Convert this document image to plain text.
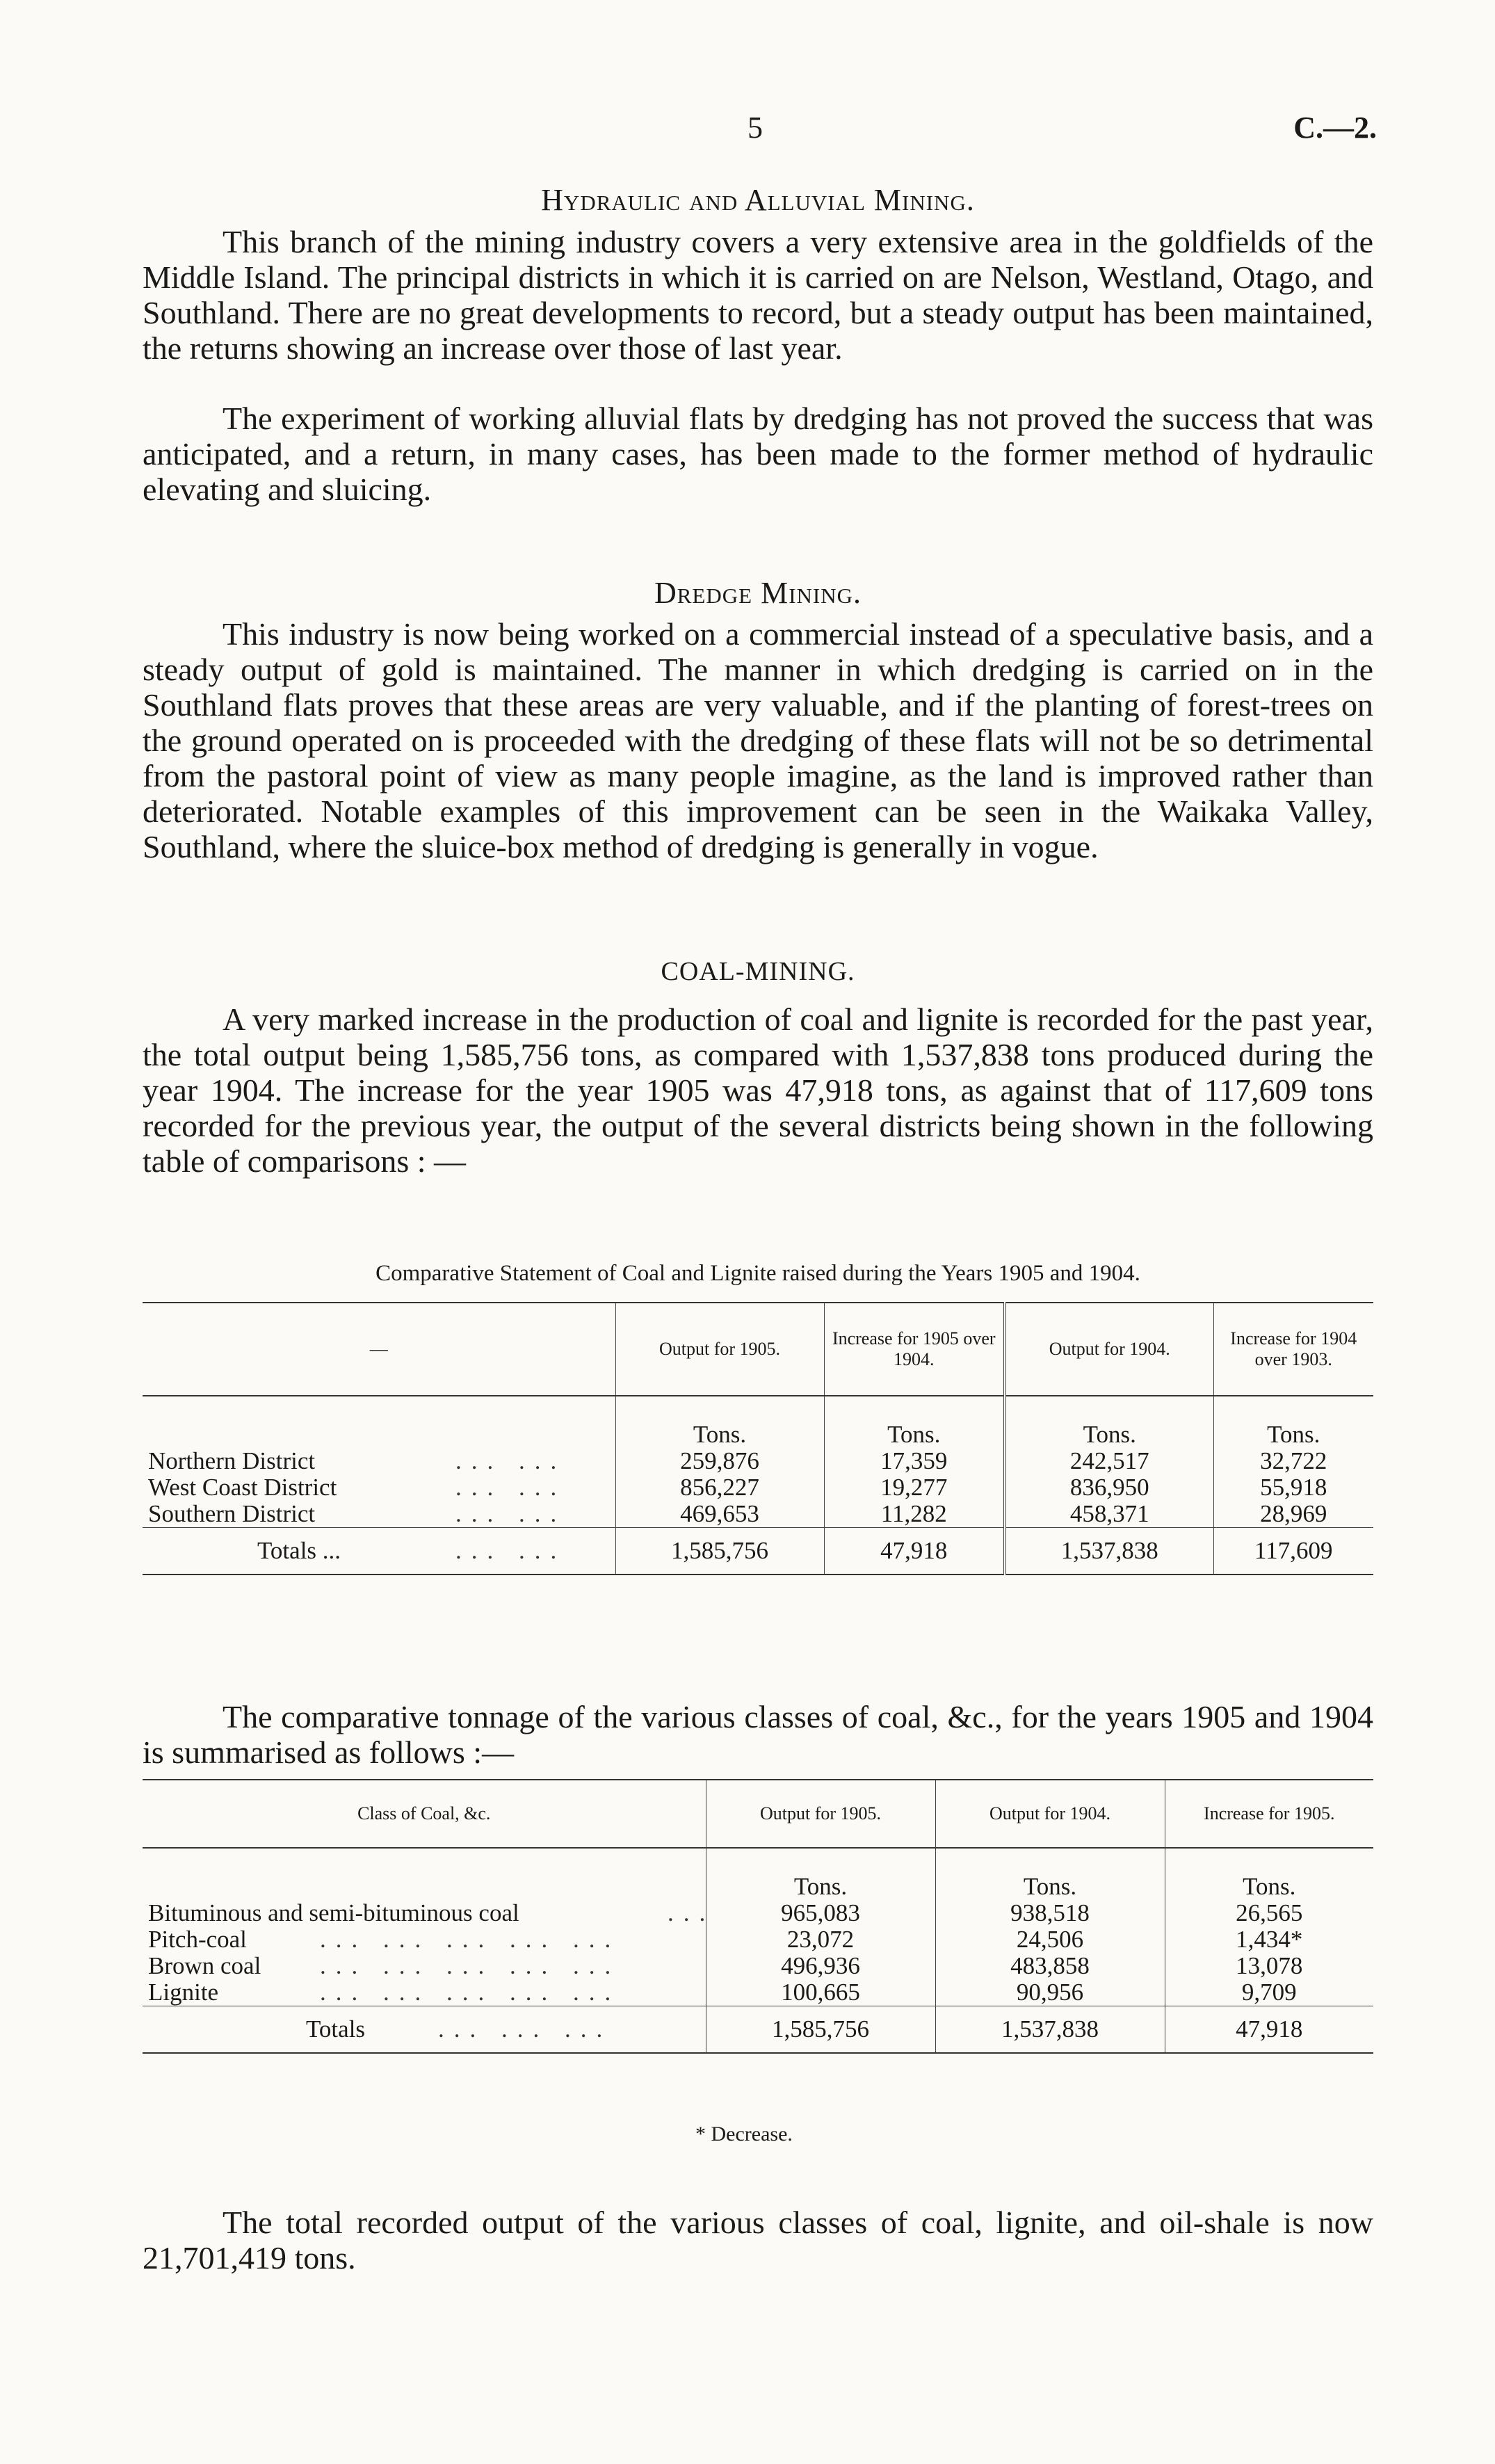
5	C.—2.
Hydraulic and Alluvial Mining.

This branch of the mining industry covers a very extensive area in the goldfields of the Middle Island. The principal districts in which it is carried on are Nelson, Westland, Otago, and Southland. There are no great developments to record, but a steady output has been maintained, the returns showing an increase over those of last year.

The experiment of working alluvial flats by dredging has not proved the success that was anticipated, and a return, in many cases, has been made to the former method of hydraulic elevating and sluicing.

Dredge Mining.

This industry is now being worked on a commercial instead of a speculative basis, and a steady output of gold is maintained. The manner in which dredging is carried on in the Southland flats proves that these areas are very valuable, and if the planting of forest-trees on the ground operated on is proceeded with the dredging of these flats will not be so detrimental from the pastoral point of view as many people imagine, as the land is improved rather than deteriorated. Notable examples of this improvement can be seen in the Waikaka Valley, Southland, where the sluice-box method of dredging is generally in vogue.

COAL-MINING.

A very marked increase in the production of coal and lignite is recorded for the past year, the total output being 1,585,756 tons, as compared with 1,537,838 tons produced during the year 1904. The increase for the year 1905 was 47,918 tons, as against that of 117,609 tons recorded for the previous year, the output of the several districts being shown in the following table of comparisons : —

Comparative Statement of Coal and Lignite raised during the Years 1905 and 1904.
—	Output for 1905.	Increase for 1905 over 1904.	Output for 1904.	Increase for 1904 over 1903.
	Tons.	Tons.	Tons.	Tons.
Northern District ... ...	259,876	17,359	242,517	32,722
West Coast District ... ...	856,227	19,277	836,950	55,918
Southern District ... ...	469,653	11,282	458,371	28,969
Totals ... ... ...	1,585,756	47,918	1,537,838	117,609

The comparative tonnage of the various classes of coal, &c., for the years 1905 and 1904 is summarised as follows :—

Class of Coal, &c.	Output for 1905.	Output for 1904.	Increase for 1905.
	Tons.	Tons.	Tons.
Bituminous and semi-bituminous coal ...	965,083	938,518	26,565
Pitch-coal ... ... ... ... ...	23,072	24,506	1,434*
Brown coal ... ... ... ... ...	496,936	483,858	13,078
Lignite ... ... ... ... ...	100,665	90,956	9,709
Totals ... ... ...	1,585,756	1,537,838	47,918
* Decrease.

The total recorded output of the various classes of coal, lignite, and oil-shale is now 21,701,419 tons.
